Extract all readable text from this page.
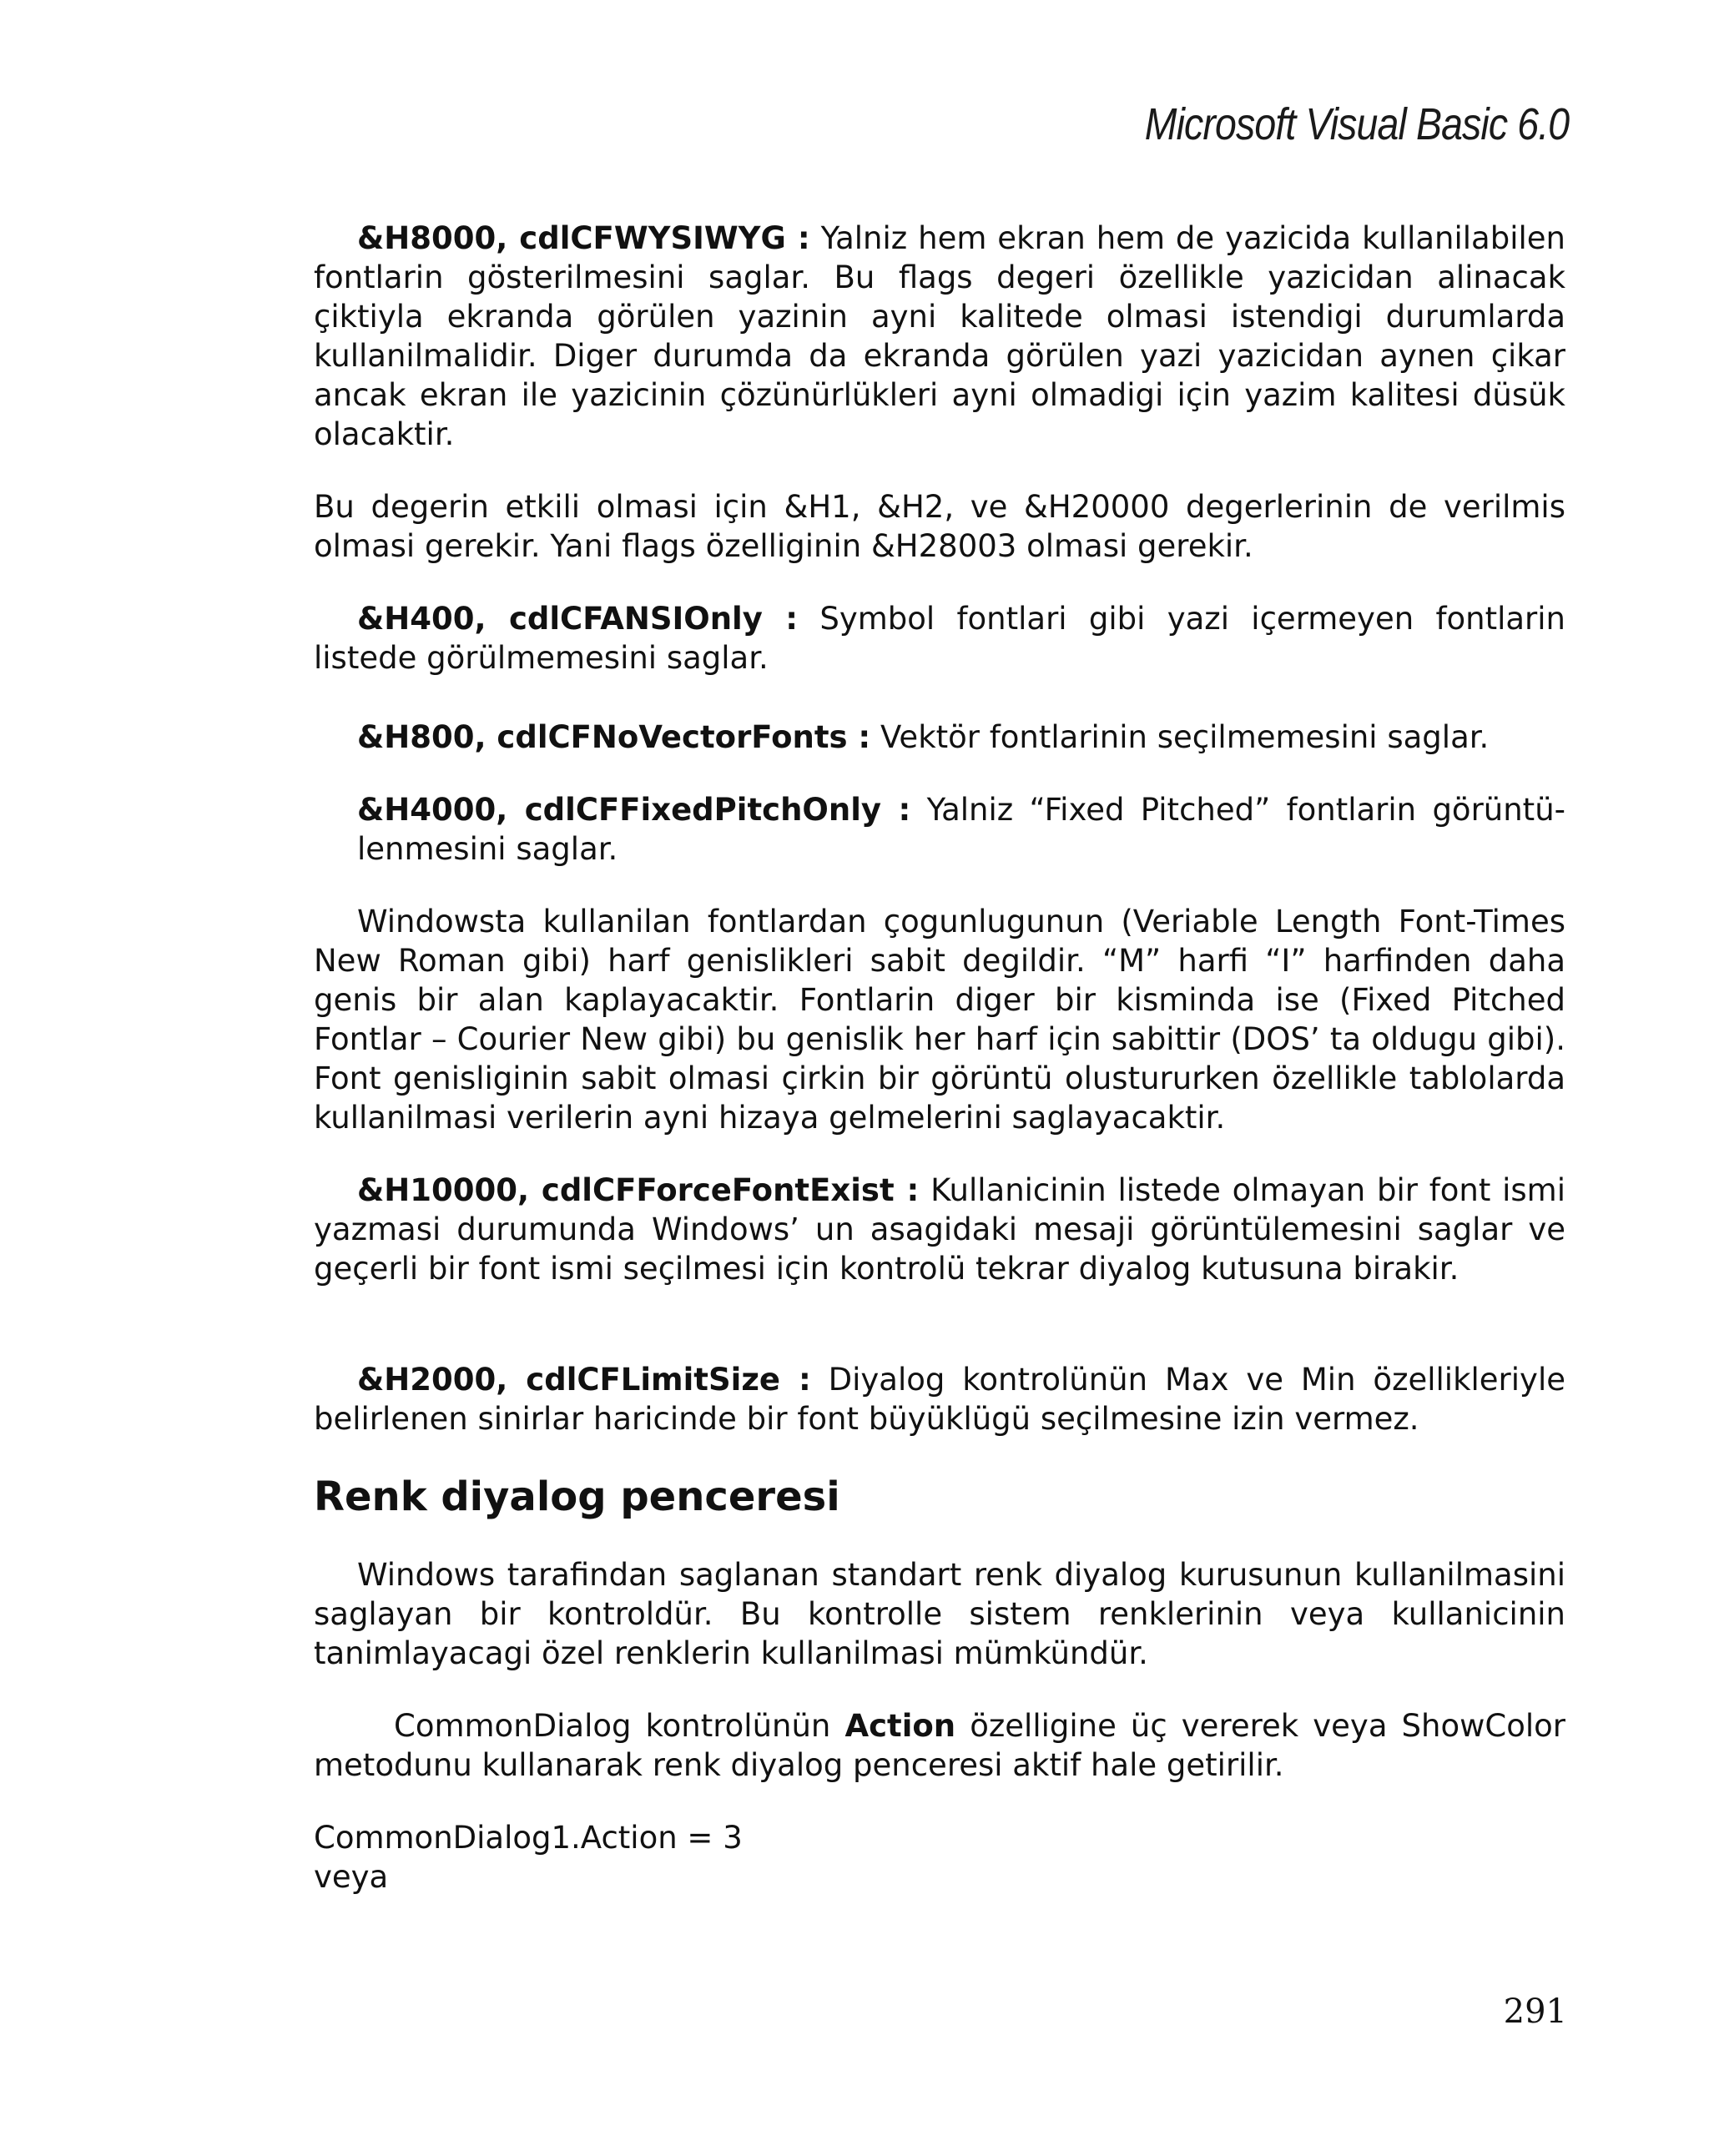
Microsoft Visual Basic 6.0

&H8000, cdlCFWYSIWYG : Yalniz hem ekran hem de yazicida kullanilabilen fontlarin gösterilmesini saglar. Bu flags degeri özellikle yazicidan alinacak çiktiyla ekranda görülen yazinin ayni kalitede olmasi istendigi durumlarda kullanilmalidir. Diger durumda da ekranda görülen yazi yazicidan aynen çikar ancak ekran ile yazicinin çözünürlükleri ayni olmadigi için yazim kalitesi düsük olacaktir.

Bu degerin etkili olmasi için &H1, &H2, ve &H20000 degerlerinin de verilmis olmasi gerekir. Yani flags özelliginin &H28003 olmasi gerekir.

&H400, cdlCFANSIOnly : Symbol fontlari gibi yazi içermeyen fontlarin listede görülmemesini saglar.

&H800, cdlCFNoVectorFonts : Vektör fontlarinin seçilmemesini saglar.

&H4000, cdlCFFixedPitchOnly : Yalniz “Fixed Pitched” fontlarin görüntü-lenmesini saglar.

Windowsta kullanilan fontlardan çogunlugunun (Veriable Length Font-Times New Roman gibi) harf genislikleri sabit degildir. “M” harfi “I” harfinden daha genis bir alan kaplayacaktir. Fontlarin diger bir kisminda ise (Fixed Pitched Fontlar – Courier New gibi) bu genislik her harf için sabittir (DOS’ ta oldugu gibi). Font genisliginin sabit olmasi çirkin bir görüntü olustururken özellikle tablolarda kullanilmasi verilerin ayni hizaya gelmelerini saglayacaktir.

&H10000, cdlCFForceFontExist : Kullanicinin listede olmayan bir font ismi yazmasi durumunda Windows’ un asagidaki mesaji görüntülemesini saglar ve geçerli bir font ismi seçilmesi için kontrolü tekrar diyalog kutusuna birakir.

&H2000, cdlCFLimitSize : Diyalog kontrolünün Max ve Min özellikleriyle belirlenen sinirlar haricinde bir font büyüklügü seçilmesine izin vermez.

Renk diyalog penceresi

Windows tarafindan saglanan standart renk diyalog kurusunun kullanilmasini saglayan bir kontroldür. Bu kontrolle sistem renklerinin veya kullanicinin tanimlayacagi özel renklerin kullanilmasi mümkündür.

CommonDialog kontrolünün Action özelligine üç vererek veya ShowColor metodunu kullanarak renk diyalog penceresi aktif hale getirilir.

CommonDialog1.Action = 3

veya

291
